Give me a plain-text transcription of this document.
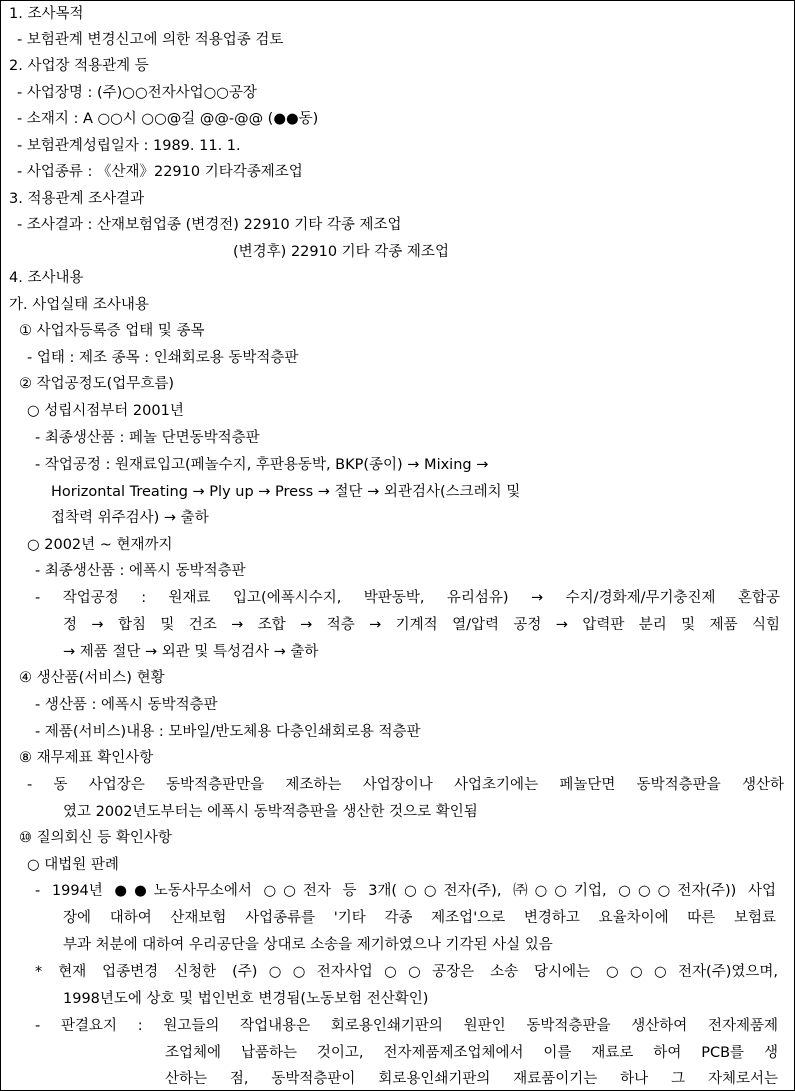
1. 조사목적
- 보험관계 변경신고에 의한 적용업종 검토
2. 사업장 적용관계 등
- 사업장명 : (주)○○전자사업○○공장
- 소재지 : A ○○시 ○○@길 @@-@@ (●●동)
- 보험관계성립일자 : 1989. 11. 1.
- 사업종류 : 《산재》22910 기타각종제조업
3. 적용관계 조사결과
- 조사결과 : 산재보험업종 (변경전) 22910 기타 각종 제조업
(변경후) 22910 기타 각종 제조업
4. 조사내용
가. 사업실태 조사내용
① 사업자등록증 업태 및 종목
- 업태 : 제조 종목 : 인쇄회로용 동박적층판
② 작업공정도(업무흐름)
○ 성립시점부터 2001년
- 최종생산품 : 페놀 단면동박적층판
- 작업공정 : 원재료입고(페놀수지, 후판용동박, BKP(종이) → Mixing →
Horizontal Treating → Ply up → Press → 절단 → 외관검사(스크레치 및
접착력 위주검사) → 출하
○ 2002년 ~ 현재까지
- 최종생산품 : 에폭시 동박적층판
- 작업공정 : 원재료 입고(에폭시수지, 박판동박, 유리섬유) → 수지/경화제/무기충진제 혼합공
정 → 합침 및 건조 → 조합 → 적층 → 기계적 열/압력 공정 → 압력판 분리 및 제품 식힘
→ 제품 절단 → 외관 및 특성검사 → 출하
④ 생산품(서비스) 현황
- 생산품 : 에폭시 동박적층판
- 제품(서비스)내용 : 모바일/반도체용 다층인쇄회로용 적층판
⑧ 재무제표 확인사항
- 동 사업장은 동박적층판만을 제조하는 사업장이나 사업초기에는 페놀단면 동박적층판을 생산하
였고 2002년도부터는 에폭시 동박적층판을 생산한 것으로 확인됨
⑩ 질의회신 등 확인사항
○ 대법원 판례
- 1994년 ●●노동사무소에서 ○○전자 등 3개(○○전자(주), ㈜○○기업, ○○○전자(주)) 사업
장에 대하여 산재보험 사업종류를 '기타 각종 제조업'으로 변경하고 요율차이에 따른 보험료
부과 처분에 대하여 우리공단을 상대로 소송을 제기하였으나 기각된 사실 있음
* 현재 업종변경 신청한 (주)○○전자사업○○공장은 소송 당시에는 ○○○전자(주)였으며,
1998년도에 상호 및 법인번호 변경됨(노동보험 전산확인)
- 판결요지 : 원고들의 작업내용은 회로용인쇄기판의 원판인 동박적층판을 생산하여 전자제품제
조업체에 납품하는 것이고, 전자제품제조업체에서 이를 재료로 하여 PCB를 생
산하는 점, 동박적층판이 회로용인쇄기판의 재료품이기는 하나 그 자체로서는
